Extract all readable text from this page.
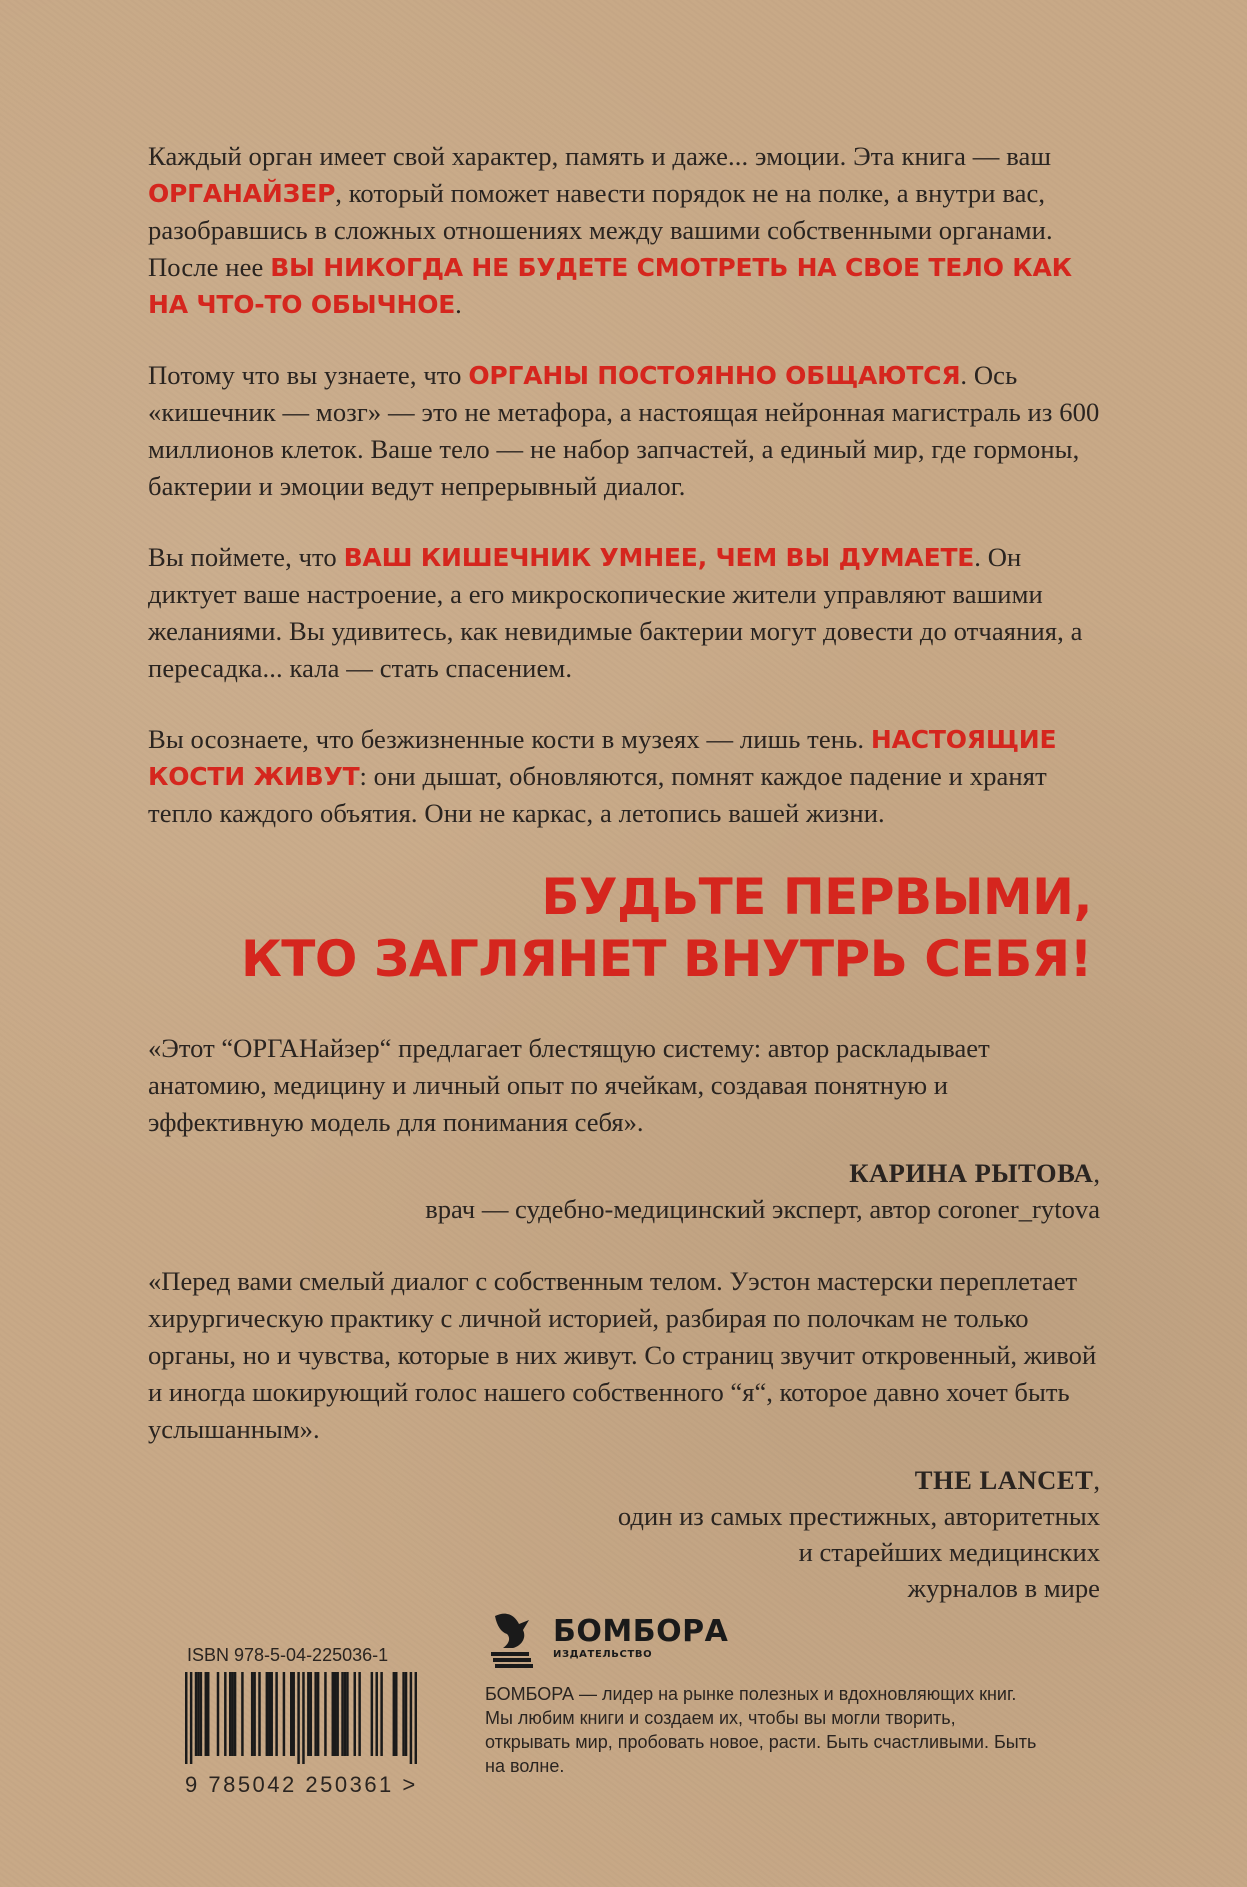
Каждый орган имеет свой характер, память и даже... эмоции. Эта книга — ваш ОРГАНАЙЗЕР, который поможет навести порядок не на полке, а внутри вас, разобравшись в сложных отношениях между вашими собственными органами. После нее ВЫ НИКОГДА НЕ БУДЕТЕ СМОТРЕТЬ НА СВОЕ ТЕЛО КАК НА ЧТО-ТО ОБЫЧНОЕ.

Потому что вы узнаете, что ОРГАНЫ ПОСТОЯННО ОБЩАЮТСЯ. Ось «кишечник — мозг» — это не метафора, а настоящая нейронная магистраль из 600 миллионов клеток. Ваше тело — не набор запчастей, а единый мир, где гормоны, бактерии и эмоции ведут непрерывный диалог.

Вы поймете, что ВАШ КИШЕЧНИК УМНЕЕ, ЧЕМ ВЫ ДУМАЕТЕ. Он диктует ваше настроение, а его микроскопические жители управляют вашими желаниями. Вы удивитесь, как невидимые бактерии могут довести до отчаяния, а пересадка... кала — стать спасением.

Вы осознаете, что безжизненные кости в музеях — лишь тень. НАСТОЯЩИЕ КОСТИ ЖИВУТ: они дышат, обновляются, помнят каждое падение и хранят тепло каждого объятия. Они не каркас, а летопись вашей жизни.

БУДЬТЕ ПЕРВЫМИ,
КТО ЗАГЛЯНЕТ ВНУТРЬ СЕБЯ!

«Этот “ОРГАНайзер“ предлагает блестящую систему: автор раскладывает анатомию, медицину и личный опыт по ячейкам, создавая понятную и эффективную модель для понимания себя».

КАРИНА РЫТОВА,

врач — судебно-медицинский эксперт, автор coroner_rytova

«Перед вами смелый диалог с собственным телом. Уэстон мастерски переплетает хирургическую практику с личной историей, разбирая по полочкам не только органы, но и чувства, которые в них живут. Со страниц звучит откровенный, живой и иногда шокирующий голос нашего собственного “я“, которое давно хочет быть услышанным».

THE LANCET,

один из самых престижных, авторитетных

и старейших медицинских

журналов в мире

ISBN 978-5-04-225036-1
9 785042 250361 >
БОМБОРА
ИЗДАТЕЛЬСТВО

БОМБОРА — лидер на рынке полезных и вдохновляющих книг. Мы любим книги и создаем их, чтобы вы могли творить, открывать мир, пробовать новое, расти. Быть счастливыми. Быть на волне.
